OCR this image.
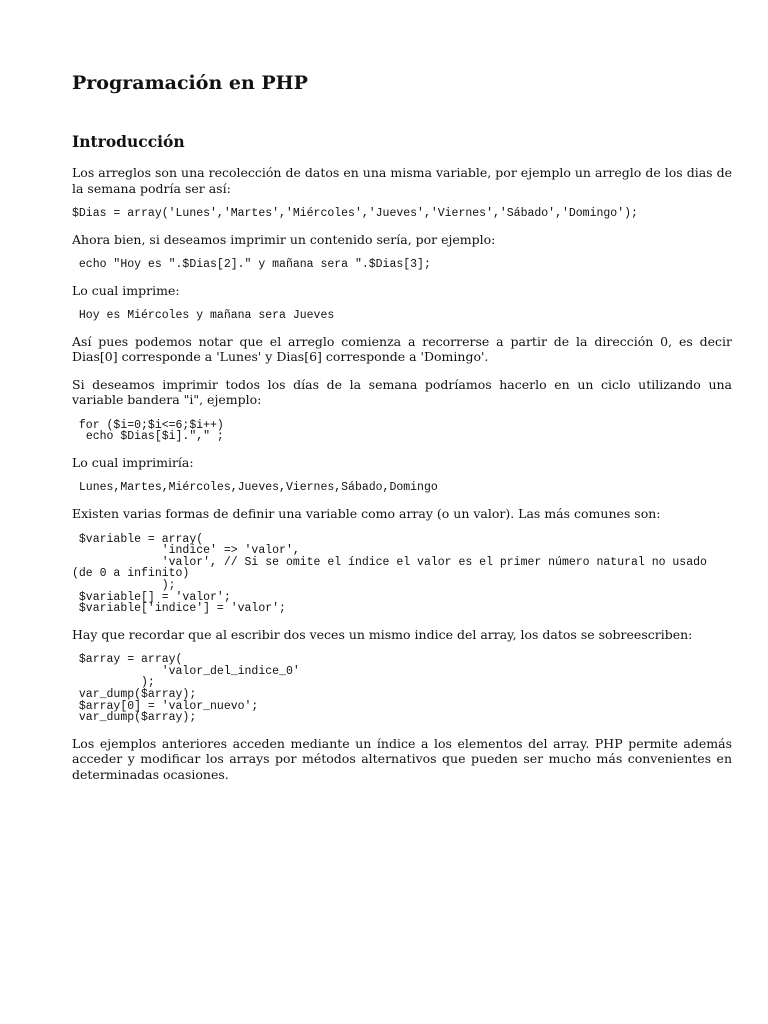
Programación en PHP
Introducción

Los arreglos son una recolección de datos en una misma variable, por ejemplo un arreglo de los dias de la semana podría ser así:

$Dias = array('Lunes','Martes','Miércoles','Jueves','Viernes','Sábado','Domingo');

Ahora bien, si deseamos imprimir un contenido sería, por ejemplo:

echo "Hoy es ".$Dias[2]." y mañana sera ".$Dias[3];

Lo cual imprime:

Hoy es Miércoles y mañana sera Jueves

Así pues podemos notar que el arreglo comienza a recorrerse a partir de la dirección 0, es decir Dias[0] corresponde a 'Lunes' y Dias[6] corresponde a 'Domingo'.

Si deseamos imprimir todos los días de la semana podríamos hacerlo en un ciclo utilizando una variable bandera "i", ejemplo:

for ($i=0;$i<=6;$i++)
echo $Dias[$i]."," ;

Lo cual imprimiría:

Lunes,Martes,Miércoles,Jueves,Viernes,Sábado,Domingo

Existen varias formas de definir una variable como array (o un valor). Las más comunes son:

$variable = array(
'indice' => 'valor',
'valor', // Si se omite el índice el valor es el primer número natural no usado (de 0 a infinito)
);
$variable[] = 'valor';
$variable['indice'] = 'valor';

Hay que recordar que al escribir dos veces un mismo indice del array, los datos se sobreescriben:

$array = array(
'valor_del_indice_0'
);
var_dump($array);
$array[0] = 'valor_nuevo';
var_dump($array);

Los ejemplos anteriores acceden mediante un índice a los elementos del array. PHP permite además acceder y modificar los arrays por métodos alternativos que pueden ser mucho más convenientes en determinadas ocasiones.
